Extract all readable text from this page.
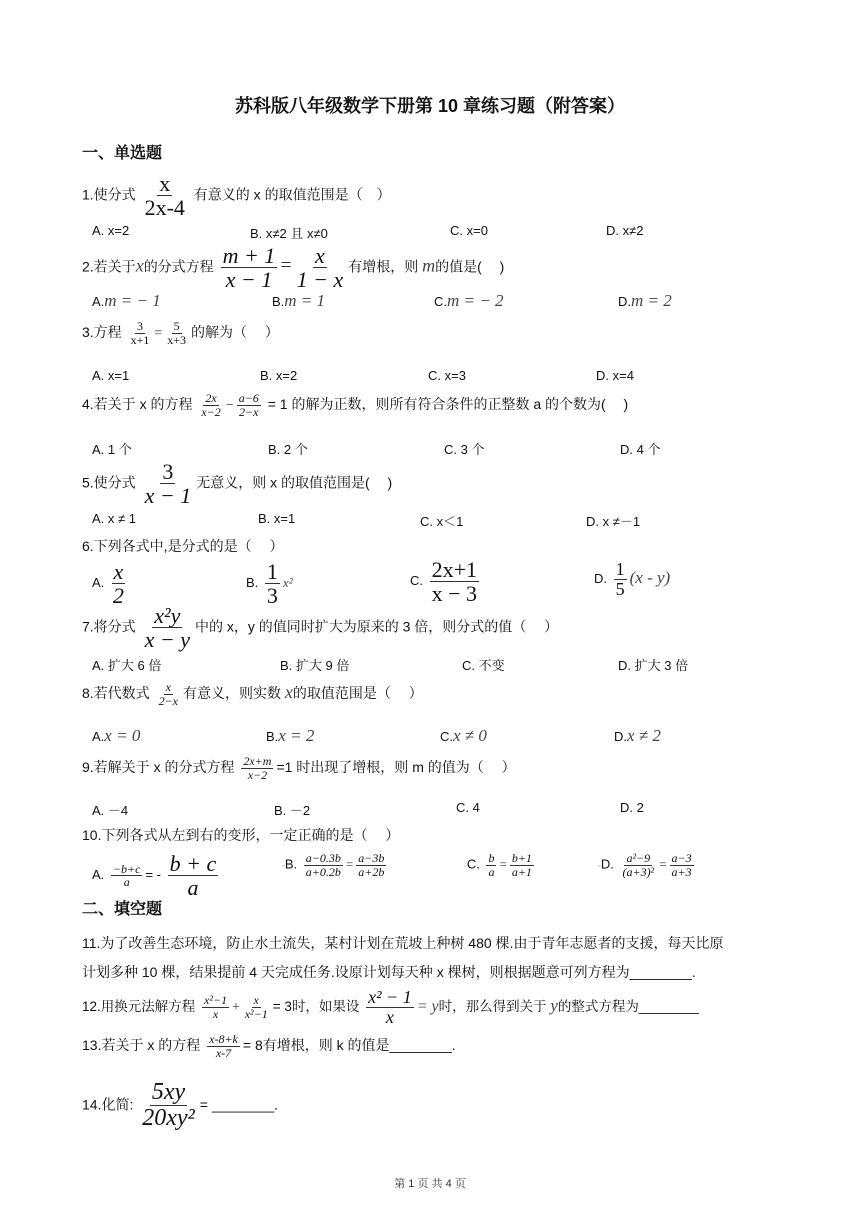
苏科版八年级数学下册第 10 章练习题（附答案）
一、单选题
1.使分式 $\frac{x}{2x-4}$ 有意义的 x 的取值范围是（　）
A. x=2	B. x≠2 且 x≠0	C. x=0	D. x≠2
2.若关于x的分式方程 $\frac{m + 1}{x - 1} = \frac{x}{1 - x}$ 有增根，则 m的值是(　 )
A.m = − 1	B.m = 1	C.m = − 2	D.m = 2
3.方程 $\frac{3}{x+1} = \frac{5}{x+3}$ 的解为（　 ）
A. x=1	B. x=2	C. x=3	D. x=4
4.若关于 x 的方程 $\frac{2x}{x-2} - \frac{a-6}{2-x} = 1$ 的解为正数，则所有符合条件的正整数 a 的个数为(　 )
A. 1 个	B. 2 个	C. 3 个	D. 4 个
5.使分式 $\frac{3}{x - 1}$ 无意义，则 x 的取值范围是(　 )
A. x ≠ 1	B. x=1	C. x＜1	D. x ≠－1
6.下列各式中,是分式的是（　 ）
A. $\frac{x}{2}$	B. $\frac{1}{3} x^2$	C. $\frac{2x+1}{x - 3}$	D. $\frac{1}{5} (x - y)$
7.将分式 $\frac{\text{x²y}}{x - y}$ 中的 x，y 的值同时扩大为原来的 3 倍，则分式的值（　 ）
A. 扩大 6 倍	B. 扩大 9 倍	C. 不变	D. 扩大 3 倍
8.若代数式 $\frac{x}{2-x}$ 有意义，则实数 x的取值范围是（　 ）
A.x = 0	B.x = 2	C.x ≠ 0	D.x ≠ 2
9.若解关于 x 的分式方程 $\frac{2x+m}{x-2} =1$ 时出现了增根，则 m 的值为（　 ）
A. －4	B. －2	C. 4	D. 2
10.下列各式从左到右的变形，一定正确的是（　 ）
A. $\frac{-b+c}{a}$ = - $\frac{b + c}{a}$	◦B. $\frac{a-0.3b}{a+0.2b} = \frac{a-3b}{a+2b}$	◦C. $\frac{b}{a} = \frac{b+1}{a+1}$	◦D. $\frac{\text{a²−9}}{\text{(a+3)²}} = \frac{a-3}{a+3}$
二、填空题
11.为了改善生态环境，防止水土流失，某村计划在荒坡上种树 480 棵.由于青年志愿者的支援，每天比原
计划多种 10 棵，结果提前 4 天完成任务.设原计划每天种 x 棵树，则根据题意可列方程为________.
12.用换元法解方程 $\frac{\text{x²−1}}{x} + \frac{x}{\text{x²−1}} = 3$时，如果设 $\frac{\text{x² − 1}}{x} = y$时，那么得到关于 y的整式方程为________
13.若关于 x 的方程 $\frac{x-8+k}{x-7} = 8$有增根，则 k 的值是________.
14.化简: $\frac{5xy}{\text{20xy²}}$ = ________.
第 1 页 共 4 页
